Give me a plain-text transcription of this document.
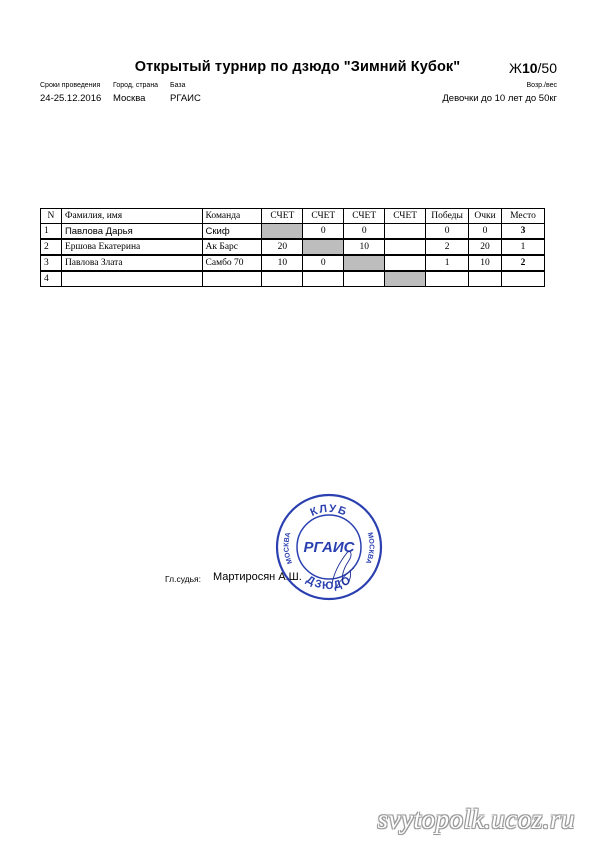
Открытый турнир по дзюдо "Зимний Кубок"	Ж10/50
Сроки проведения Город, страна База	Возр./вес
24-25.12.2016 Москва	РГАИС	Девочки до 10 лет до 50кг
N	Фамилия, имя	Команда	СЧЕТ	СЧЕТ	СЧЕТ	СЧЕТ	Победы	Очки	Место
1	Павлова Дарья	Скиф		0	0		0	0	3
2	Ершова Екатерина	Ак Барс	20		10		2	20	1
3	Павлова Злата	Самбо 70	10	0			1	10	2
4									
Гл.судья: Мартиросян А.Ш.
КЛУБ
ДЗЮДО
МОСКВА	МОСКВА
РГАИС
svytopolk.ucoz.ru
